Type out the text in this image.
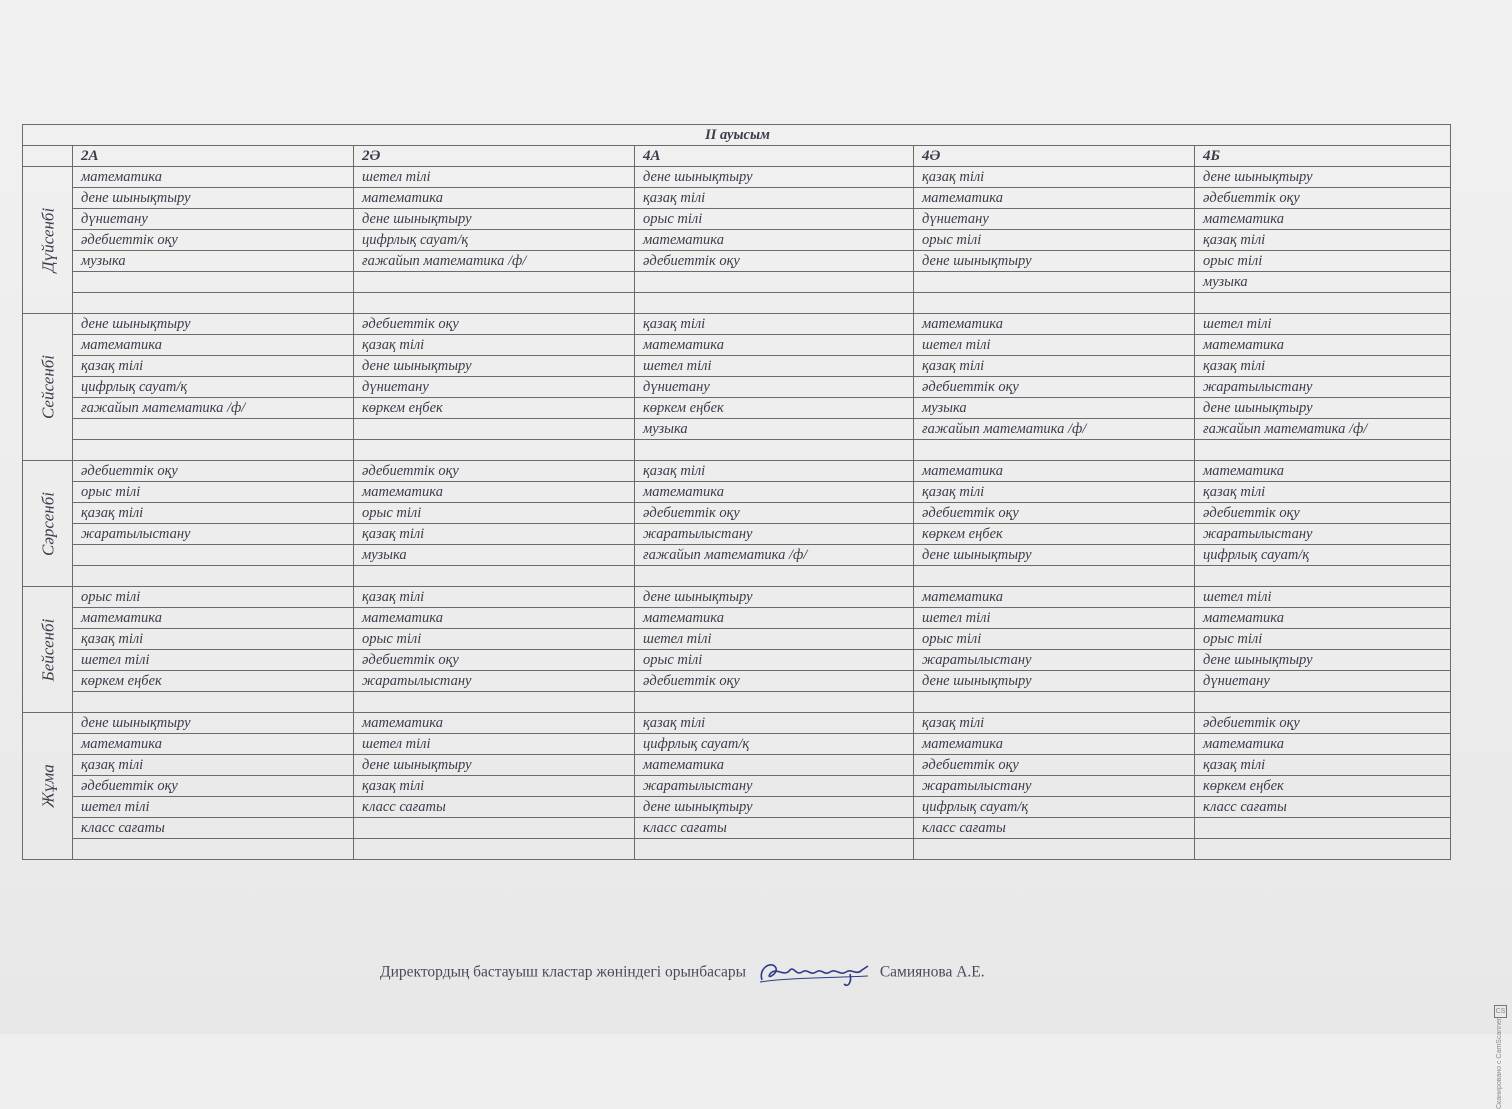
II ауысым					
	2А	2Ә	4А	4Ә	4Б

Дүйсенбі	математика	шетел тілі	дене шынықтыру	қазақ тілі	дене шынықтыру
	дене шынықтыру	математика	қазақ тілі	математика	әдебиеттік оқу
	дүниетану	дене шынықтыру	орыс тілі	дүниетану	математика
	әдебиеттік оқу	цифрлық сауат/қ	математика	орыс тілі	қазақ тілі
	музыка	ғажайып математика /ф/	әдебиеттік оқу	дене шынықтыру	орыс тілі
					музыка

Сейсенбі	дене шынықтыру	әдебиеттік оқу	қазақ тілі	математика	шетел тілі
	математика	қазақ тілі	математика	шетел тілі	математика
	қазақ тілі	дене шынықтыру	шетел тілі	қазақ тілі	қазақ тілі
	цифрлық сауат/қ	дүниетану	дүниетану	әдебиеттік оқу	жаратылыстану
	ғажайып математика /ф/	көркем еңбек	көркем еңбек	музыка	дене шынықтыру
			музыка	ғажайып математика /ф/	ғажайып математика /ф/

Сәрсенбі	әдебиеттік оқу	әдебиеттік оқу	қазақ тілі	математика	математика
	орыс тілі	математика	математика	қазақ тілі	қазақ тілі
	қазақ тілі	орыс тілі	әдебиеттік оқу	әдебиеттік оқу	әдебиеттік оқу
	жаратылыстану	қазақ тілі	жаратылыстану	көркем еңбек	жаратылыстану
		музыка	ғажайып математика /ф/	дене шынықтыру	цифрлық сауат/қ

Бейсенбі	орыс тілі	қазақ тілі	дене шынықтыру	математика	шетел тілі
	математика	математика	математика	шетел тілі	математика
	қазақ тілі	орыс тілі	шетел тілі	орыс тілі	орыс тілі
	шетел тілі	әдебиеттік оқу	орыс тілі	жаратылыстану	дене шынықтыру
	көркем еңбек	жаратылыстану	әдебиеттік оқу	дене шынықтыру	дүниетану

Жұма	дене шынықтыру	математика	қазақ тілі	қазақ тілі	әдебиеттік оқу
	математика	шетел тілі	цифрлық сауат/қ	математика	математика
	қазақ тілі	дене шынықтыру	математика	әдебиеттік оқу	қазақ тілі
	әдебиеттік оқу	қазақ тілі	жаратылыстану	жаратылыстану	көркем еңбек
	шетел тілі	класс сағаты	дене шынықтыру	цифрлық сауат/қ	класс сағаты
	класс сағаты		класс сағаты	класс сағаты	

Директордың бастауыш кластар жөніндегі орынбасары	Самиянова А.Е.
CS
Сканировано с CamScanner
